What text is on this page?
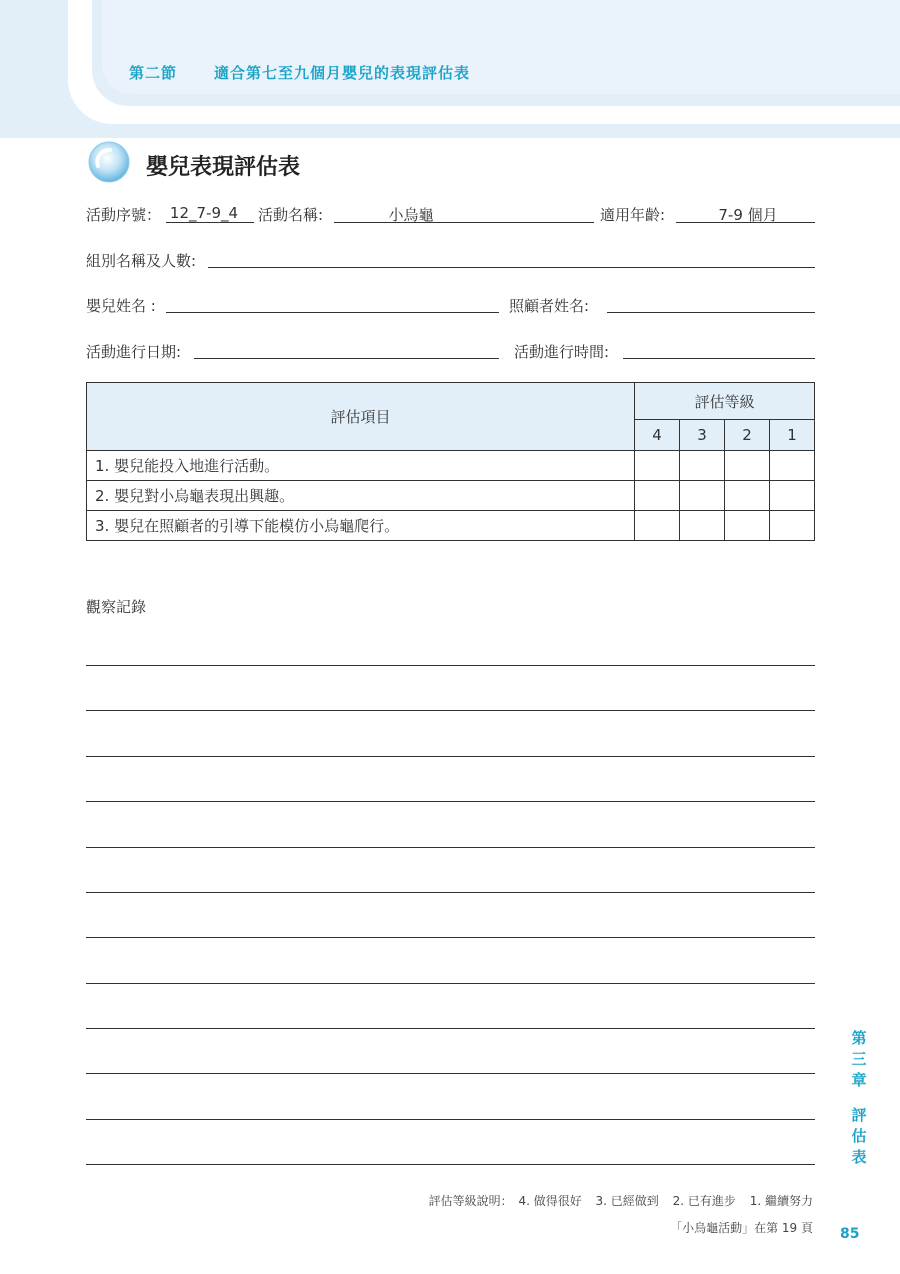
第二節 適合第七至九個月嬰兒的表現評估表
嬰兒表現評估表
活動序號： 12_7-9_4 活動名稱:	小烏龜	適用年齡:	7-9 個月
組別名稱及人數:
嬰兒姓名 :	照顧者姓名:
活動進行日期:	活動進行時間:
評估項目	評估等級			
	4	3	2	1
1. 嬰兒能投入地進行活動。				
2. 嬰兒對小烏龜表現出興趣。				
3. 嬰兒在照顧者的引導下能模仿小烏龜爬行。				
觀察記錄
第三章
評估表
評估等級說明： 4. 做得很好 3. 已經做到 2. 已有進步 1. 繼續努力
「小烏龜活動」在第 19 頁 85
